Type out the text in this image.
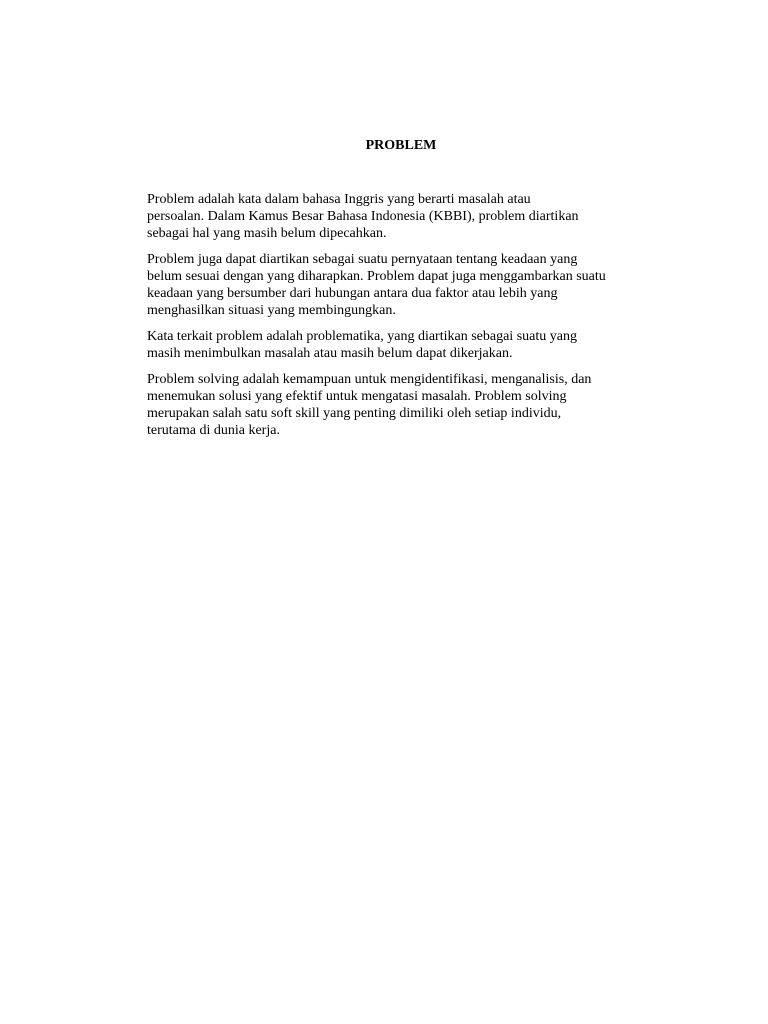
PROBLEM

Problem adalah kata dalam bahasa Inggris yang berarti masalah atau
persoalan. Dalam Kamus Besar Bahasa Indonesia (KBBI), problem diartikan
sebagai hal yang masih belum dipecahkan.

Problem juga dapat diartikan sebagai suatu pernyataan tentang keadaan yang
belum sesuai dengan yang diharapkan. Problem dapat juga menggambarkan suatu
keadaan yang bersumber dari hubungan antara dua faktor atau lebih yang
menghasilkan situasi yang membingungkan.

Kata terkait problem adalah problematika, yang diartikan sebagai suatu yang
masih menimbulkan masalah atau masih belum dapat dikerjakan.

Problem solving adalah kemampuan untuk mengidentifikasi, menganalisis, dan
menemukan solusi yang efektif untuk mengatasi masalah. Problem solving
merupakan salah satu soft skill yang penting dimiliki oleh setiap individu,
terutama di dunia kerja.
